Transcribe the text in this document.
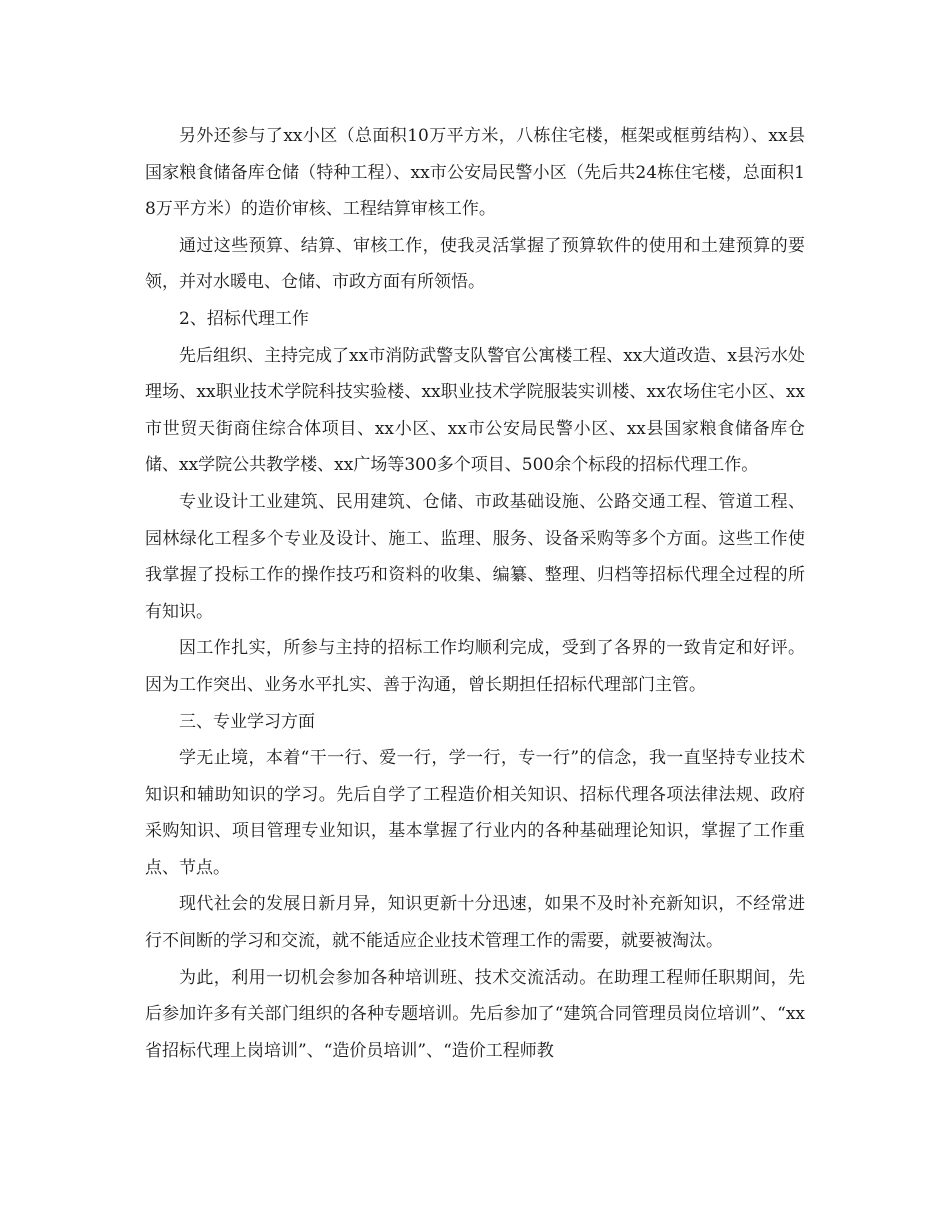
另外还参与了xx小区（总面积10万平方米，八栋住宅楼，框架或框剪结构）、xx县国家粮食储备库仓储（特种工程）、xx市公安局民警小区（先后共24栋住宅楼，总面积18万平方米）的造价审核、工程结算审核工作。

通过这些预算、结算、审核工作，使我灵活掌握了预算软件的使用和土建预算的要领，并对水暖电、仓储、市政方面有所领悟。

2、招标代理工作

先后组织、主持完成了xx市消防武警支队警官公寓楼工程、xx大道改造、x县污水处理场、xx职业技术学院科技实验楼、xx职业技术学院服装实训楼、xx农场住宅小区、xx市世贸天街商住综合体项目、xx小区、xx市公安局民警小区、xx县国家粮食储备库仓储、xx学院公共教学楼、xx广场等300多个项目、500余个标段的招标代理工作。

专业设计工业建筑、民用建筑、仓储、市政基础设施、公路交通工程、管道工程、园林绿化工程多个专业及设计、施工、监理、服务、设备采购等多个方面。这些工作使我掌握了投标工作的操作技巧和资料的收集、编纂、整理、归档等招标代理全过程的所有知识。

因工作扎实，所参与主持的招标工作均顺利完成，受到了各界的一致肯定和好评。因为工作突出、业务水平扎实、善于沟通，曾长期担任招标代理部门主管。

三、专业学习方面

学无止境，本着“干一行、爱一行，学一行，专一行”的信念，我一直坚持专业技术知识和辅助知识的学习。先后自学了工程造价相关知识、招标代理各项法律法规、政府采购知识、项目管理专业知识，基本掌握了行业内的各种基础理论知识，掌握了工作重点、节点。

现代社会的发展日新月异，知识更新十分迅速，如果不及时补充新知识，不经常进行不间断的学习和交流，就不能适应企业技术管理工作的需要，就要被淘汰。

为此，利用一切机会参加各种培训班、技术交流活动。在助理工程师任职期间，先后参加许多有关部门组织的各种专题培训。先后参加了“建筑合同管理员岗位培训”、“xx省招标代理上岗培训”、“造价员培训”、“造价工程师教
